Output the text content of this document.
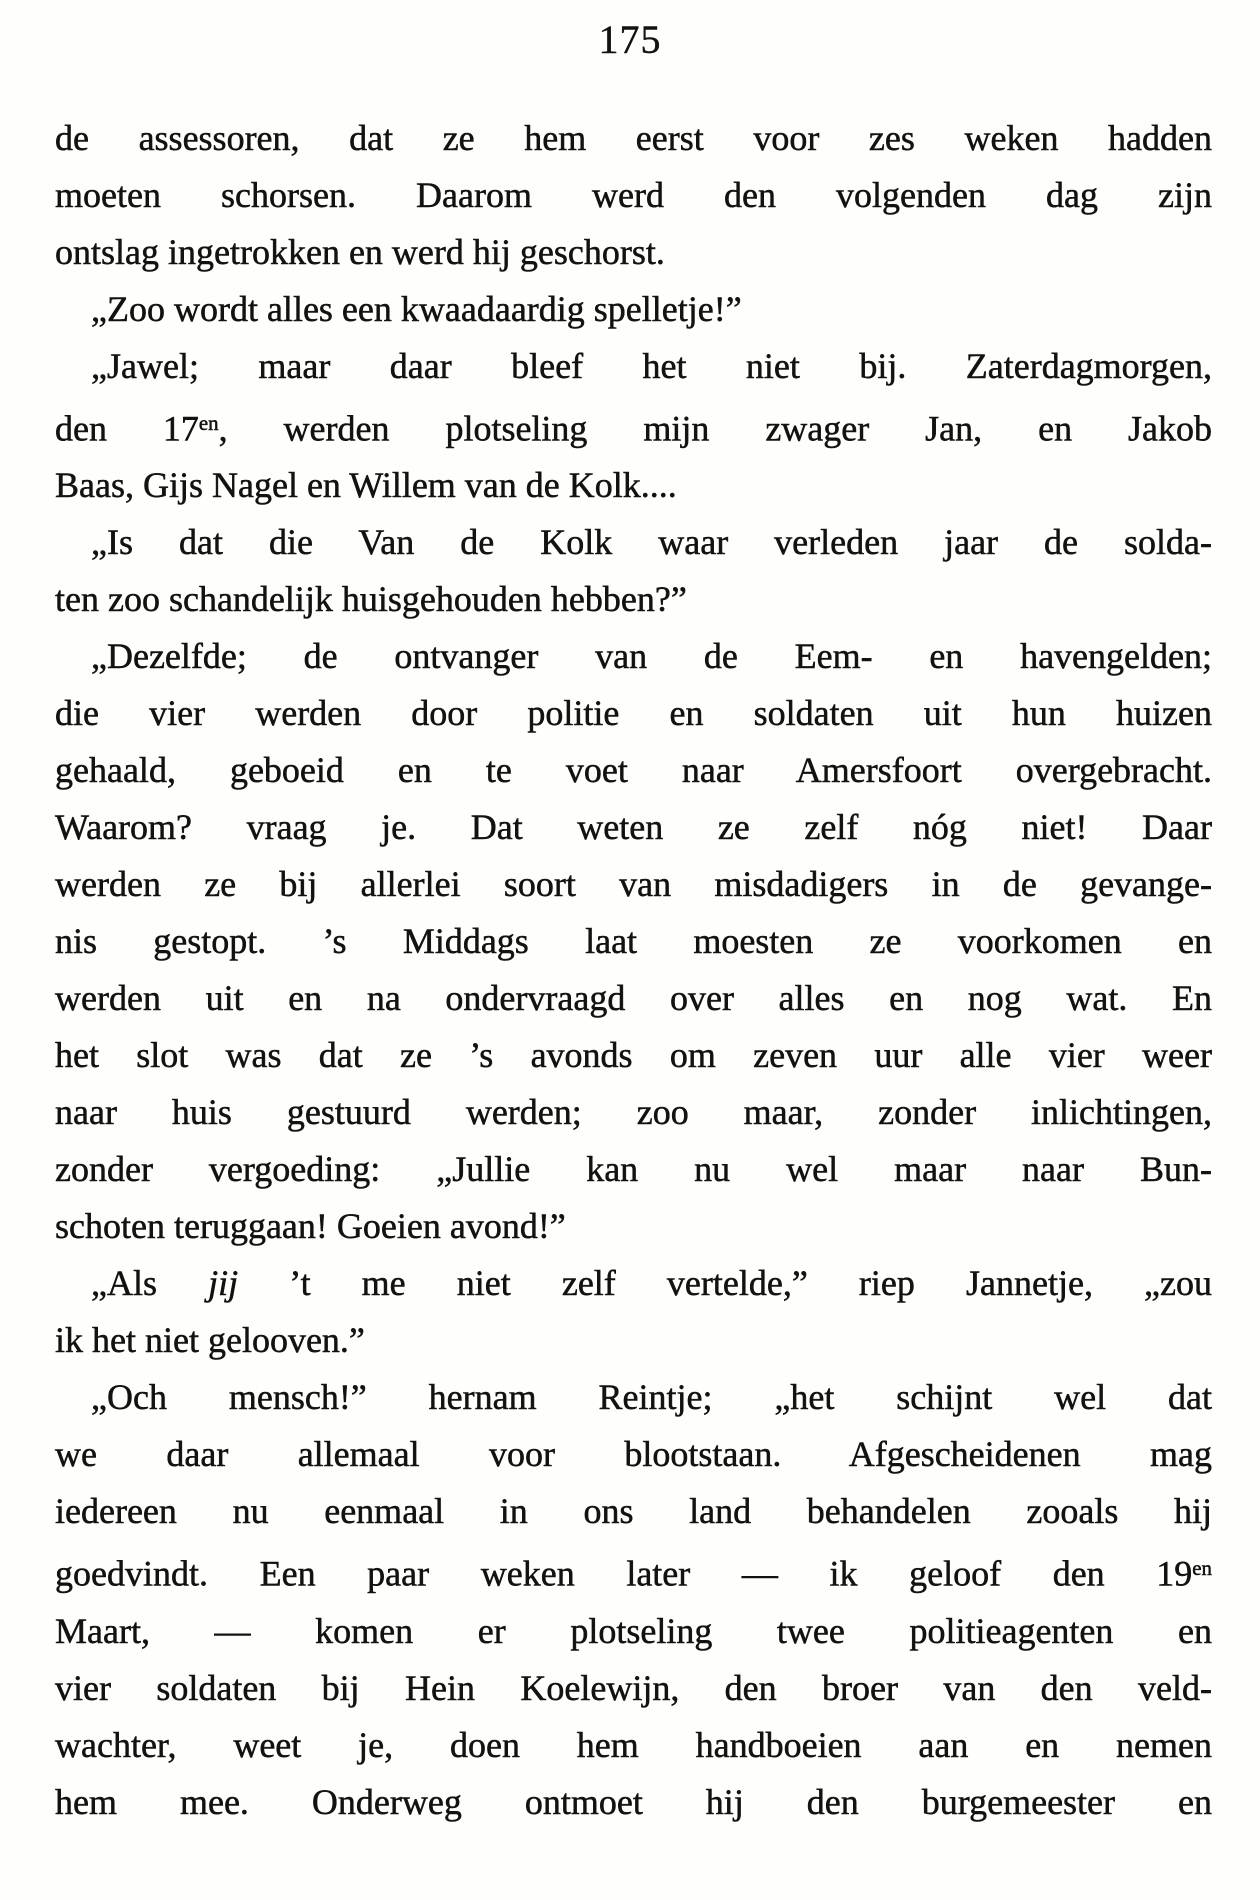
175
de assessoren, dat ze hem eerst voor zes weken hadden
moeten schorsen. Daarom werd den volgenden dag zijn
ontslag ingetrokken en werd hij geschorst.
„Zoo wordt alles een kwaadaardig spelletje!”
„Jawel; maar daar bleef het niet bij. Zaterdagmorgen,
den $17^{en}$, werden plotseling mijn zwager Jan, en Jakob
Baas, Gijs Nagel en Willem van de Kolk....
„Is dat die Van de Kolk waar verleden jaar de solda-
ten zoo schandelijk huisgehouden hebben?”
„Dezelfde; de ontvanger van de Eem- en havengelden;
die vier werden door politie en soldaten uit hun huizen
gehaald, geboeid en te voet naar Amersfoort overgebracht.
Waarom? vraag je. Dat weten ze zelf nóg niet! Daar
werden ze bij allerlei soort van misdadigers in de gevange-
nis gestopt. ’s Middags laat moesten ze voorkomen en
werden uit en na ondervraagd over alles en nog wat. En
het slot was dat ze ’s avonds om zeven uur alle vier weer
naar huis gestuurd werden; zoo maar, zonder inlichtingen,
zonder vergoeding: „Jullie kan nu wel maar naar Bun-
schoten teruggaan! Goeien avond!”
„Als jij ’t me niet zelf vertelde,” riep Jannetje, „zou
ik het niet gelooven.”
„Och mensch!” hernam Reintje; „het schijnt wel dat
we daar allemaal voor blootstaan. Afgescheidenen mag
iedereen nu eenmaal in ons land behandelen zooals hij
goedvindt. Een paar weken later — ik geloof den $19^{en}$
Maart, — komen er plotseling twee politieagenten en
vier soldaten bij Hein Koelewijn, den broer van den veld-
wachter, weet je, doen hem handboeien aan en nemen
hem mee. Onderweg ontmoet hij den burgemeester en
